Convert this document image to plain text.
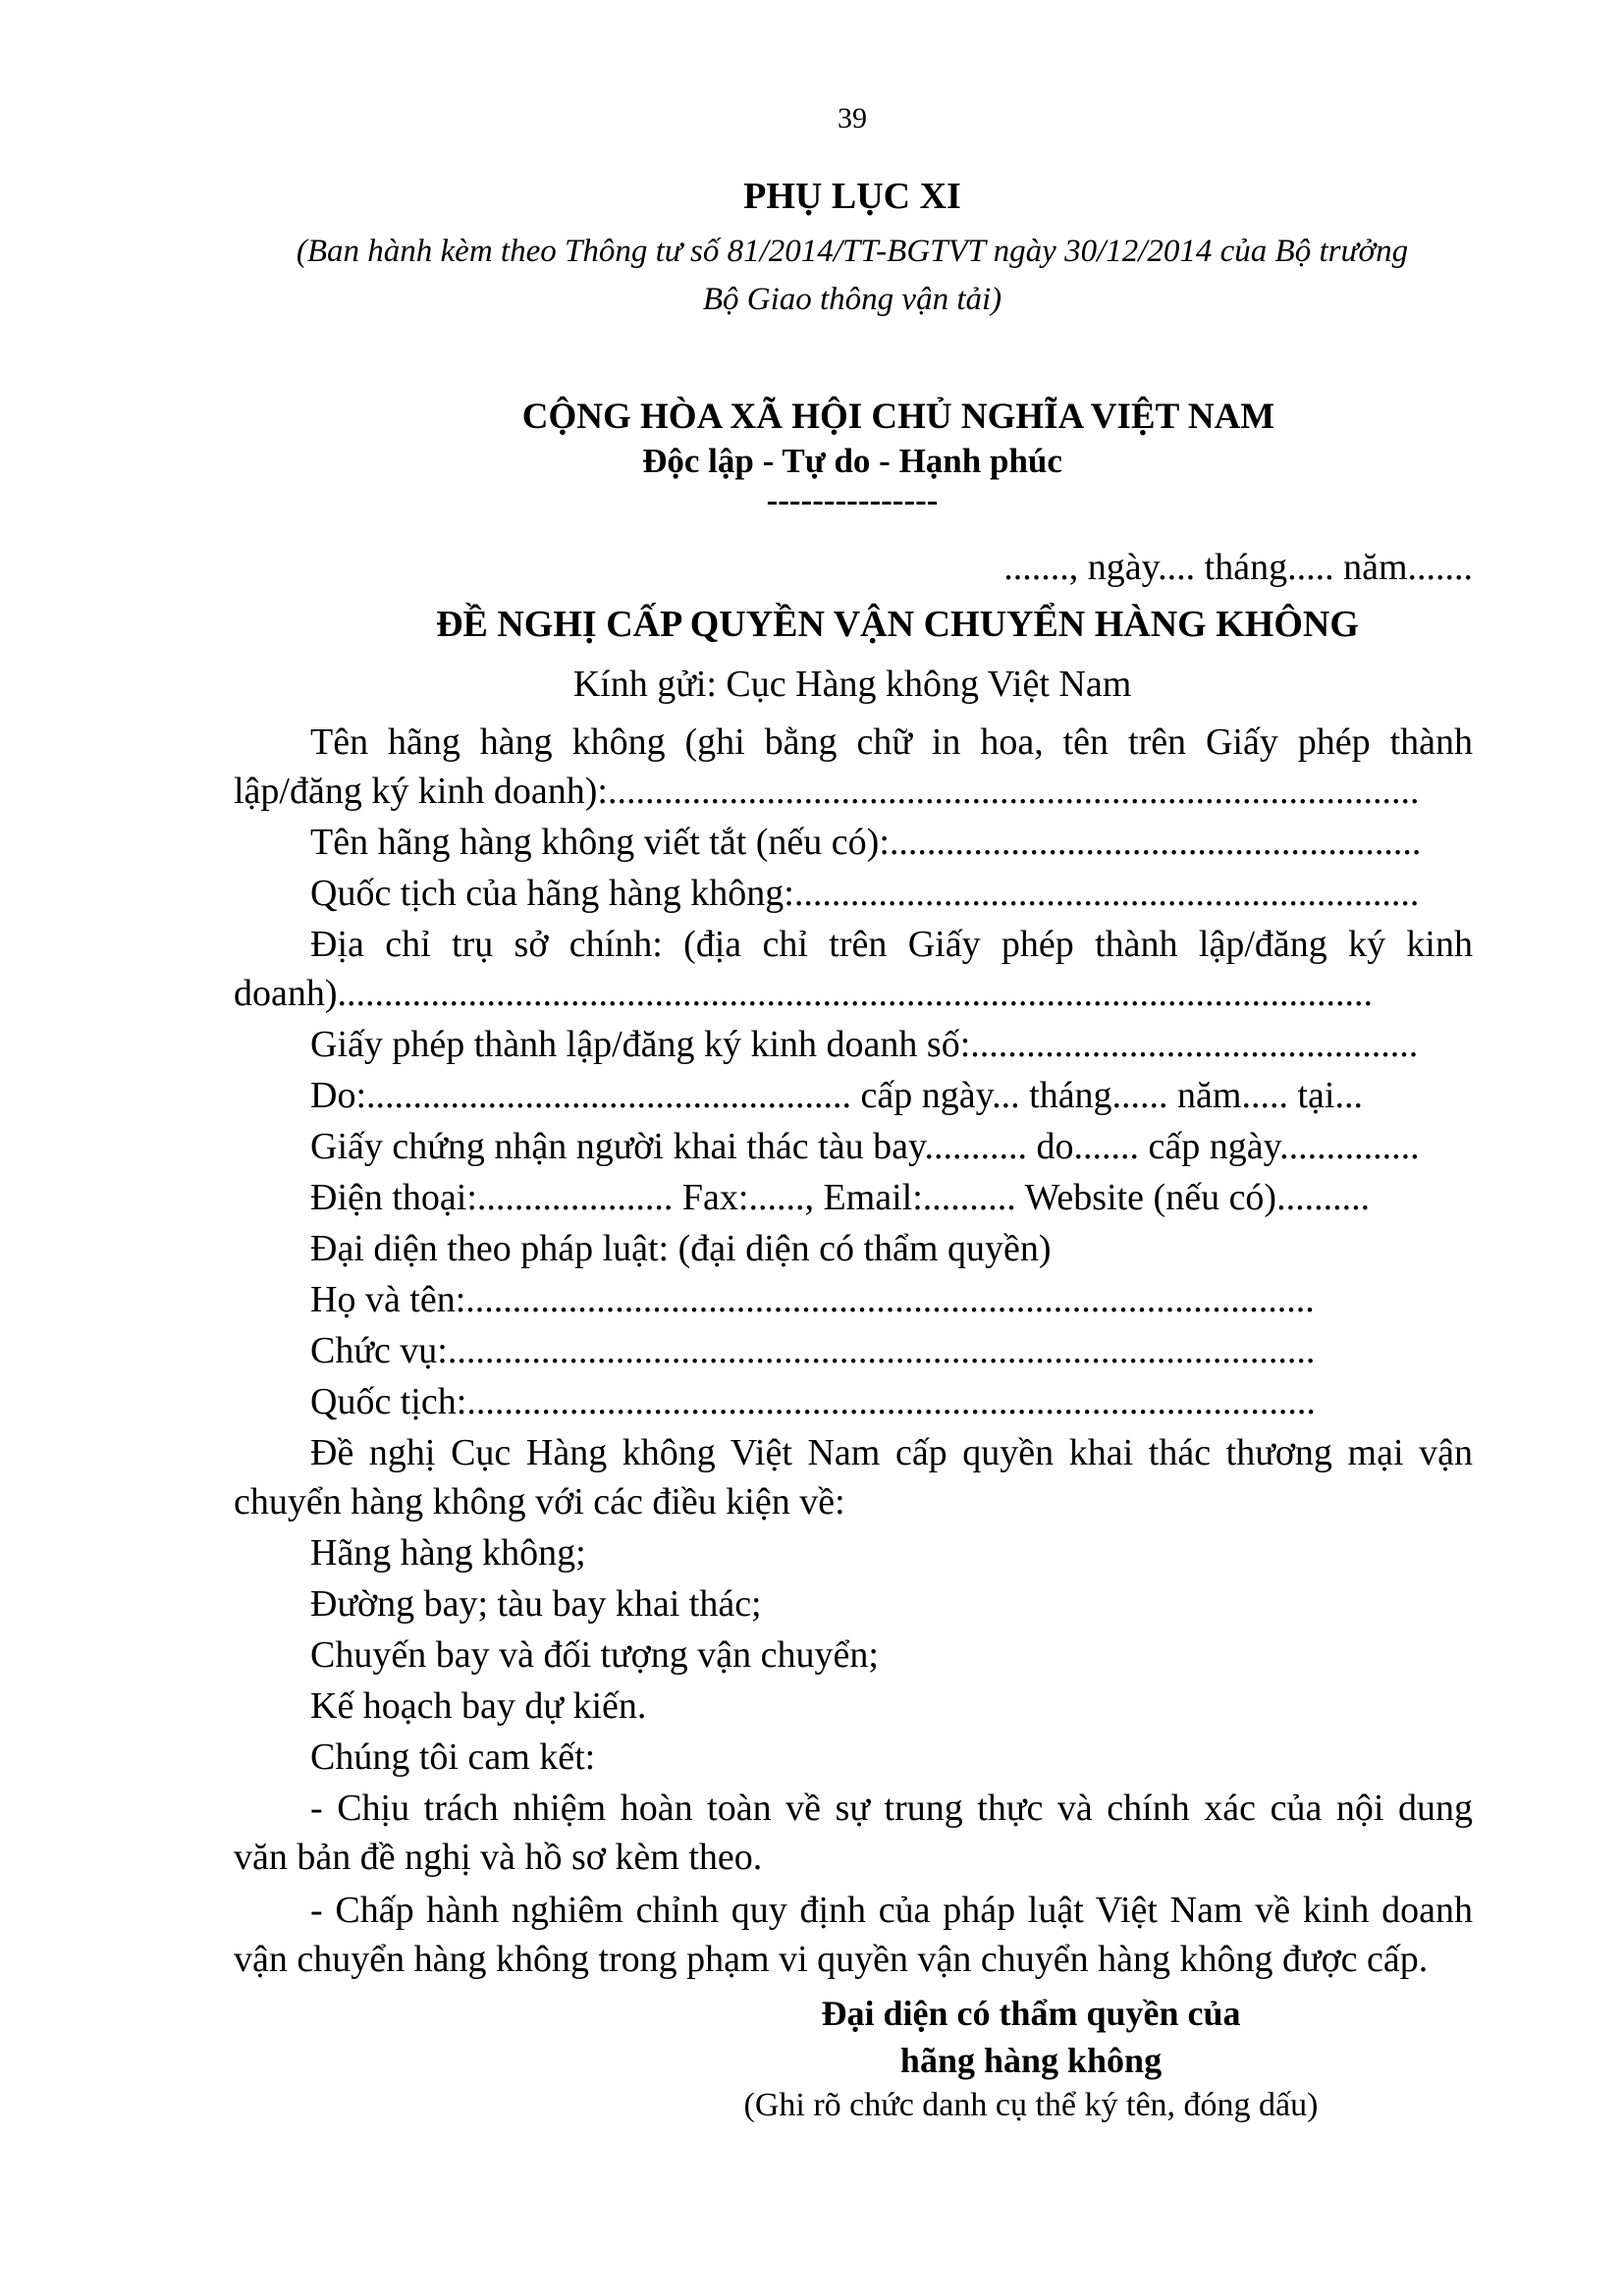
39
PHỤ LỤC XI
(Ban hành kèm theo Thông tư số 81/2014/TT-BGTVT ngày 30/12/2014 của Bộ trưởng
Bộ Giao thông vận tải)
CỘNG HÒA XÃ HỘI CHỦ NGHĨA VIỆT NAM
Độc lập - Tự do - Hạnh phúc
---------------
......., ngày.... tháng..... năm.......
ĐỀ NGHỊ CẤP QUYỀN VẬN CHUYỂN HÀNG KHÔNG
Kính gửi: Cục Hàng không Việt Nam
Tên hãng hàng không (ghi bằng chữ in hoa, tên trên Giấy phép thành
lập/đăng ký kinh doanh):.......................................................................................
Tên hãng hàng không viết tắt (nếu có):.........................................................
Quốc tịch của hãng hàng không:...................................................................
Địa chỉ trụ sở chính: (địa chỉ trên Giấy phép thành lập/đăng ký kinh
doanh)...............................................................................................................
Giấy phép thành lập/đăng ký kinh doanh số:................................................
Do:.................................................... cấp ngày... tháng...... năm..... tại...
Giấy chứng nhận người khai thác tàu bay........... do....... cấp ngày...............
Điện thoại:..................... Fax:......, Email:.......... Website (nếu có)..........
Đại diện theo pháp luật: (đại diện có thẩm quyền)
Họ và tên:...........................................................................................
Chức vụ:.............................................................................................
Quốc tịch:...........................................................................................
Đề nghị Cục Hàng không Việt Nam cấp quyền khai thác thương mại vận
chuyển hàng không với các điều kiện về:
Hãng hàng không;
Đường bay; tàu bay khai thác;
Chuyến bay và đối tượng vận chuyển;
Kế hoạch bay dự kiến.
Chúng tôi cam kết:
- Chịu trách nhiệm hoàn toàn về sự trung thực và chính xác của nội dung
văn bản đề nghị và hồ sơ kèm theo.
- Chấp hành nghiêm chỉnh quy định của pháp luật Việt Nam về kinh doanh
vận chuyển hàng không trong phạm vi quyền vận chuyển hàng không được cấp.
Đại diện có thẩm quyền của
hãng hàng không
(Ghi rõ chức danh cụ thể ký tên, đóng dấu)
